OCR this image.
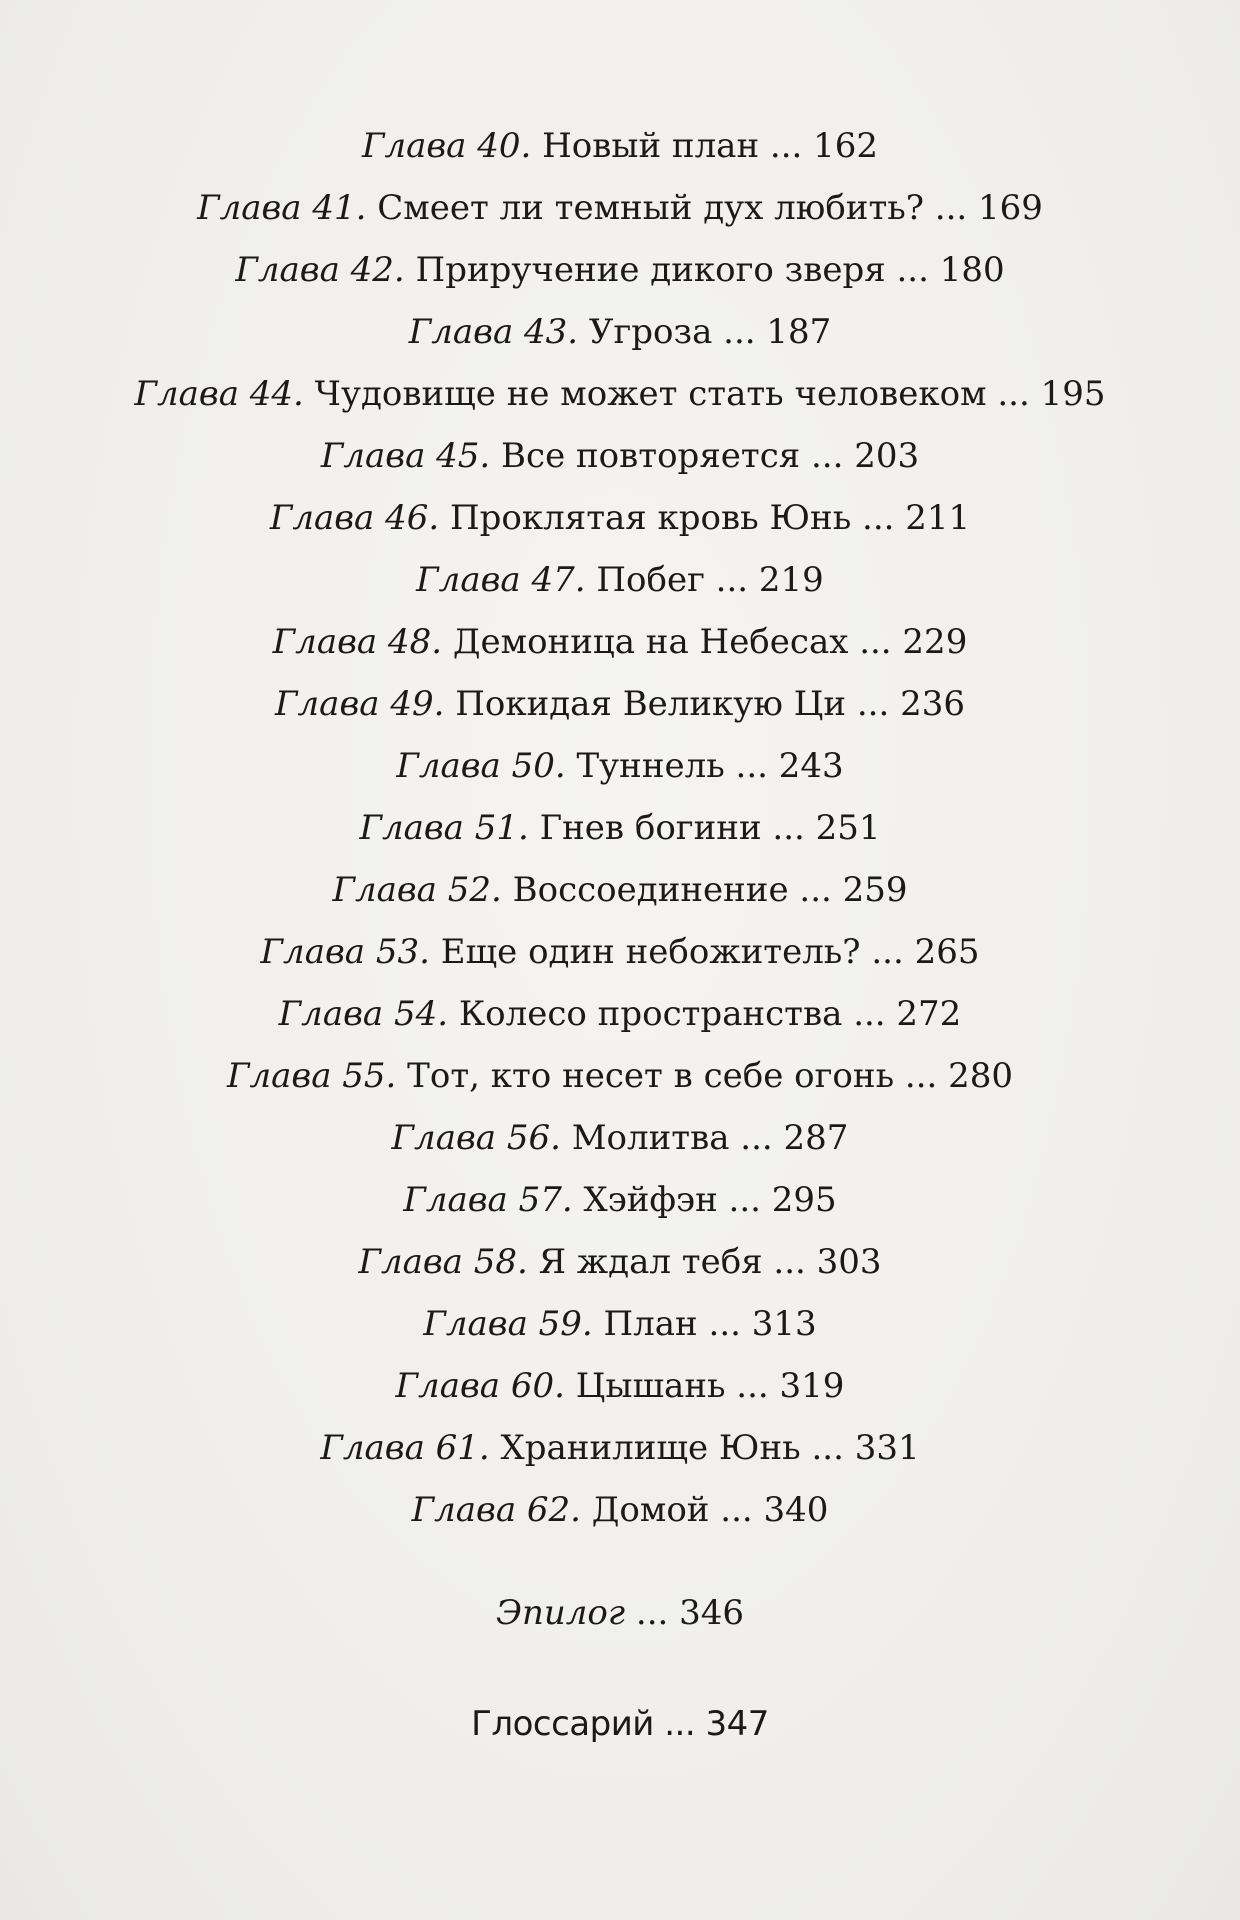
Глава 40. Новый план ... 162
Глава 41. Смеет ли темный дух любить? ... 169
Глава 42. Приручение дикого зверя ... 180
Глава 43. Угроза ... 187
Глава 44. Чудовище не может стать человеком ... 195
Глава 45. Все повторяется ... 203
Глава 46. Проклятая кровь Юнь ... 211
Глава 47. Побег ... 219
Глава 48. Демоница на Небесах ... 229
Глава 49. Покидая Великую Ци ... 236
Глава 50. Туннель ... 243
Глава 51. Гнев богини ... 251
Глава 52. Воссоединение ... 259
Глава 53. Еще один небожитель? ... 265
Глава 54. Колесо пространства ... 272
Глава 55. Тот, кто несет в себе огонь ... 280
Глава 56. Молитва ... 287
Глава 57. Хэйфэн ... 295
Глава 58. Я ждал тебя ... 303
Глава 59. План ... 313
Глава 60. Цышань ... 319
Глава 61. Хранилище Юнь ... 331
Глава 62. Домой ... 340
Эпилог ... 346
Глоссарий ... 347
